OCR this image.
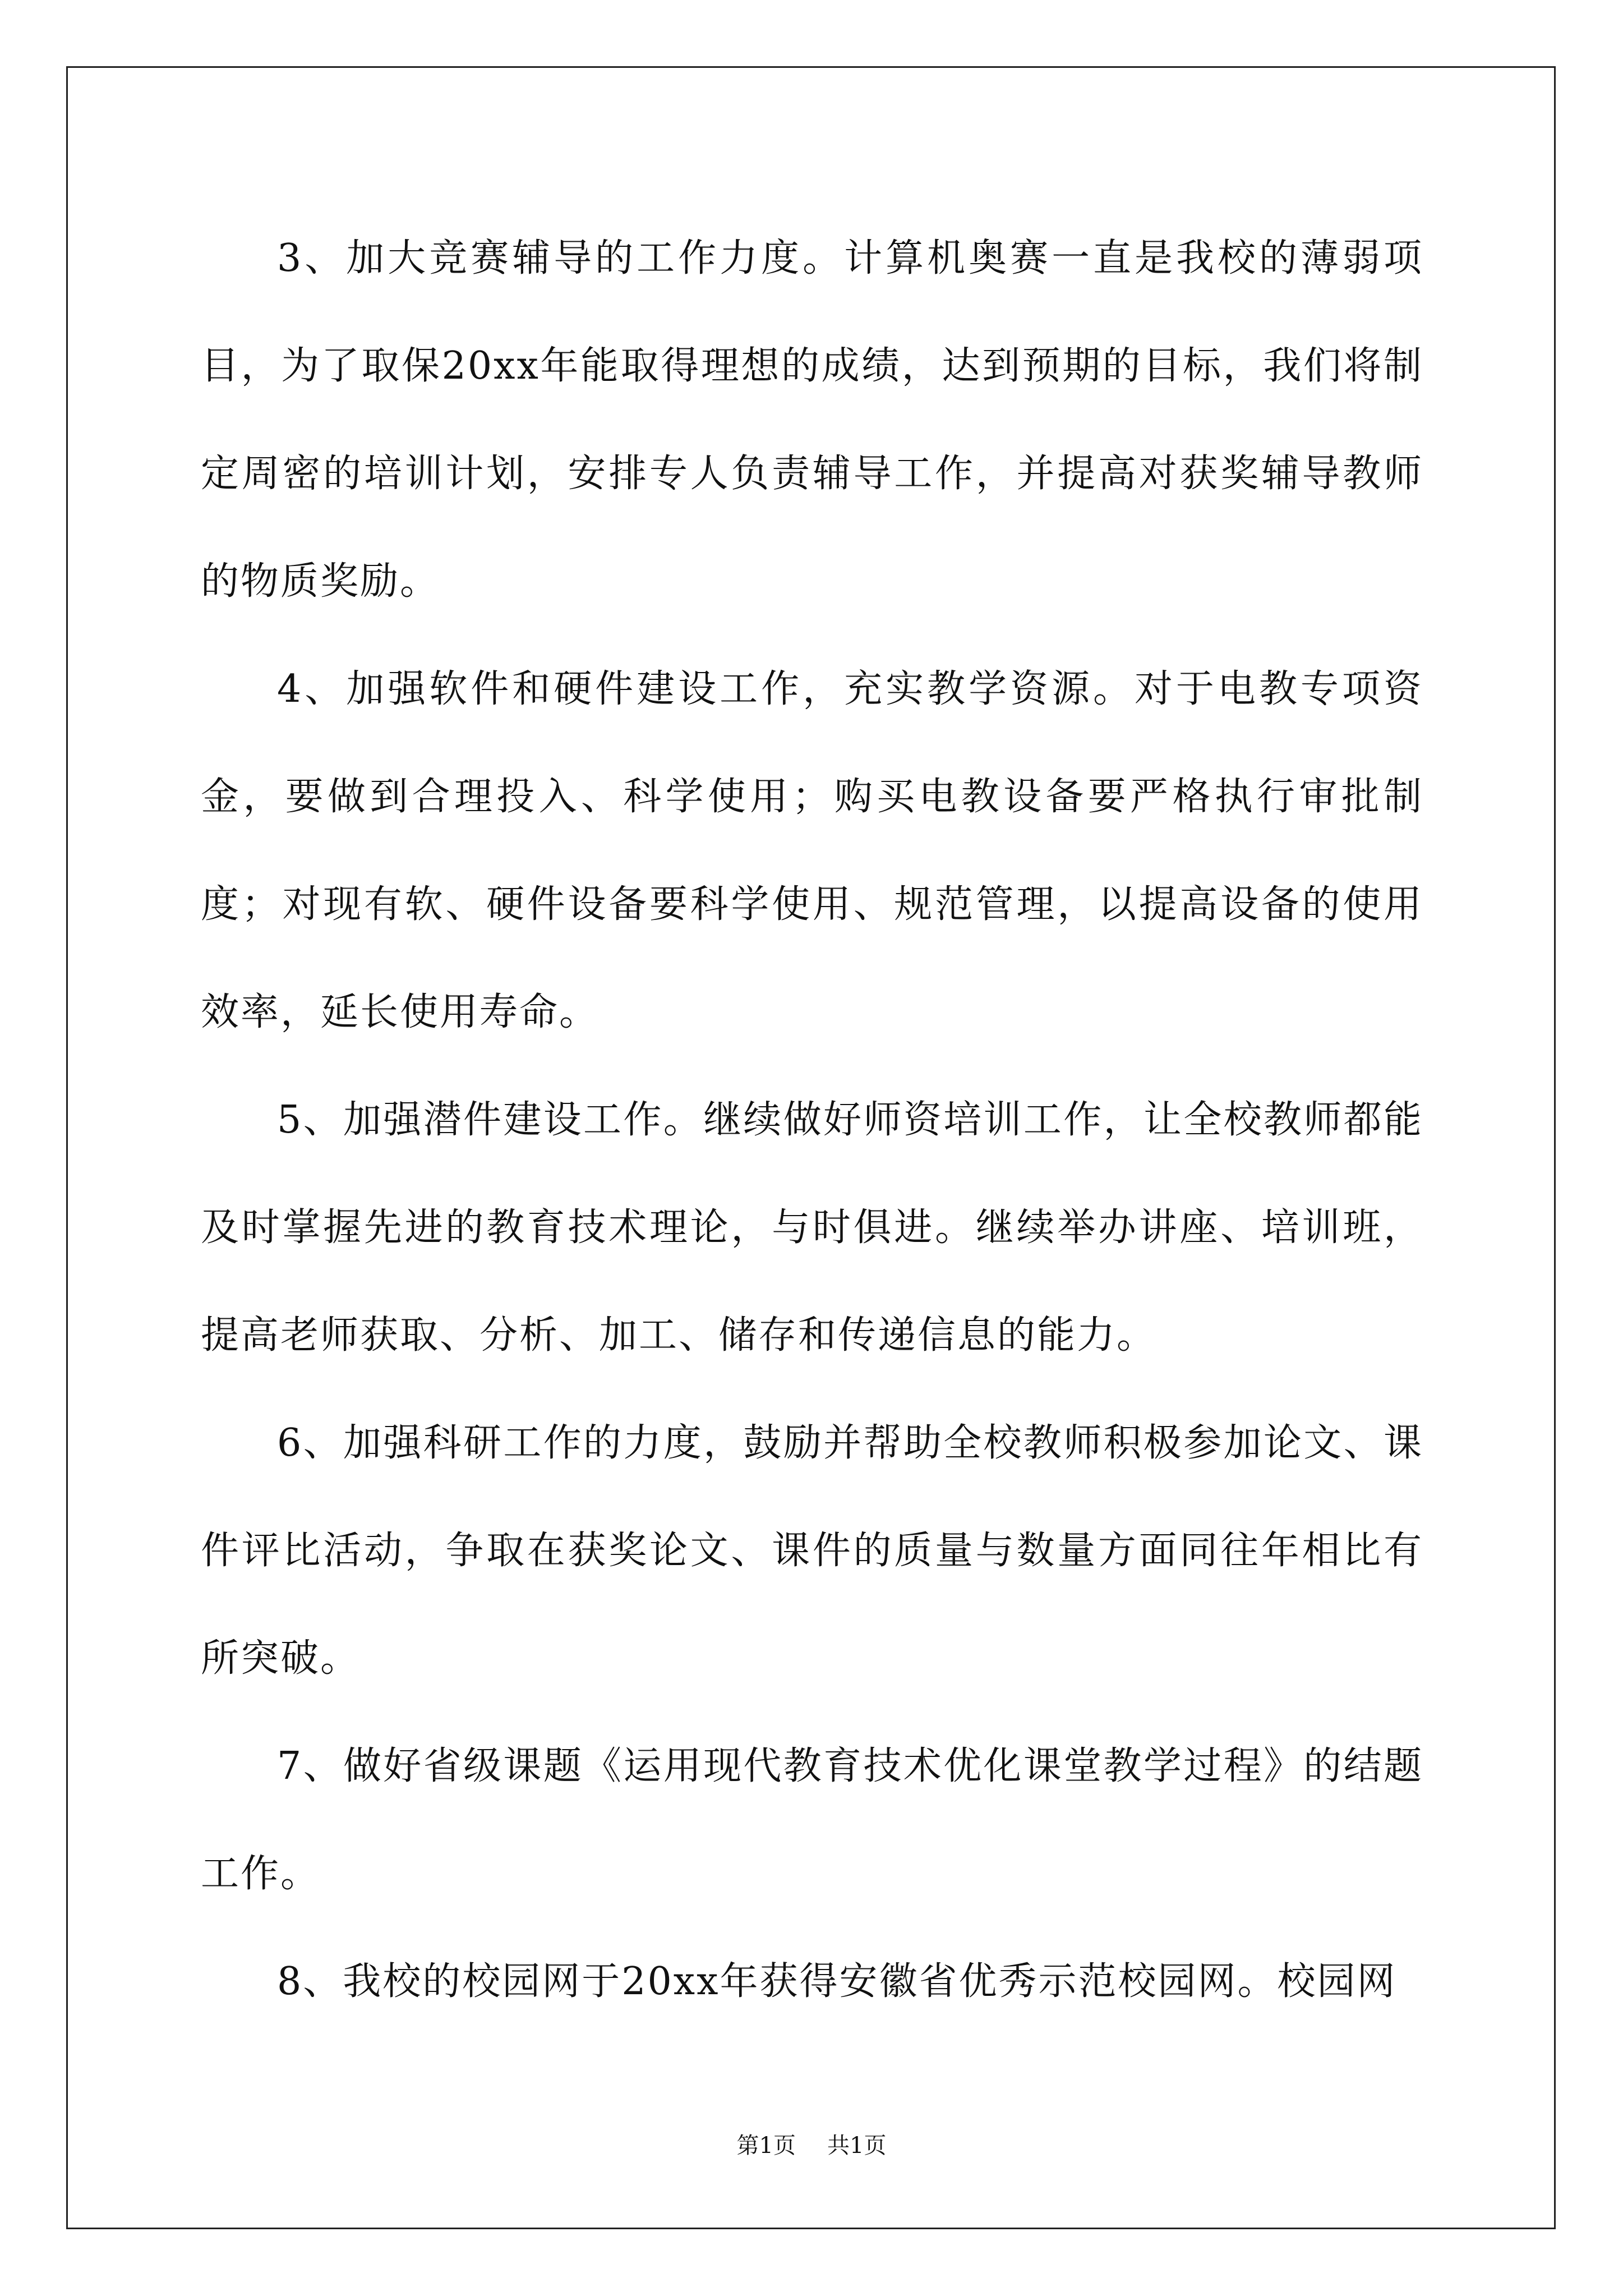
3、加大竞赛辅导的工作力度。计算机奥赛一直是我校的薄弱项目，为了取保20xx年能取得理想的成绩，达到预期的目标，我们将制定周密的培训计划，安排专人负责辅导工作，并提高对获奖辅导教师的物质奖励。

4、加强软件和硬件建设工作，充实教学资源。对于电教专项资金，要做到合理投入、科学使用；购买电教设备要严格执行审批制度；对现有软、硬件设备要科学使用、规范管理，以提高设备的使用效率，延长使用寿命。

5、加强潜件建设工作。继续做好师资培训工作，让全校教师都能及时掌握先进的教育技术理论，与时俱进。继续举办讲座、培训班，提高老师获取、分析、加工、储存和传递信息的能力。

6、加强科研工作的力度，鼓励并帮助全校教师积极参加论文、课件评比活动，争取在获奖论文、课件的质量与数量方面同往年相比有所突破。

7、做好省级课题《运用现代教育技术优化课堂教学过程》的结题工作。

8、我校的校园网于20xx年获得安徽省优秀示范校园网。校园网

第1页 共1页
